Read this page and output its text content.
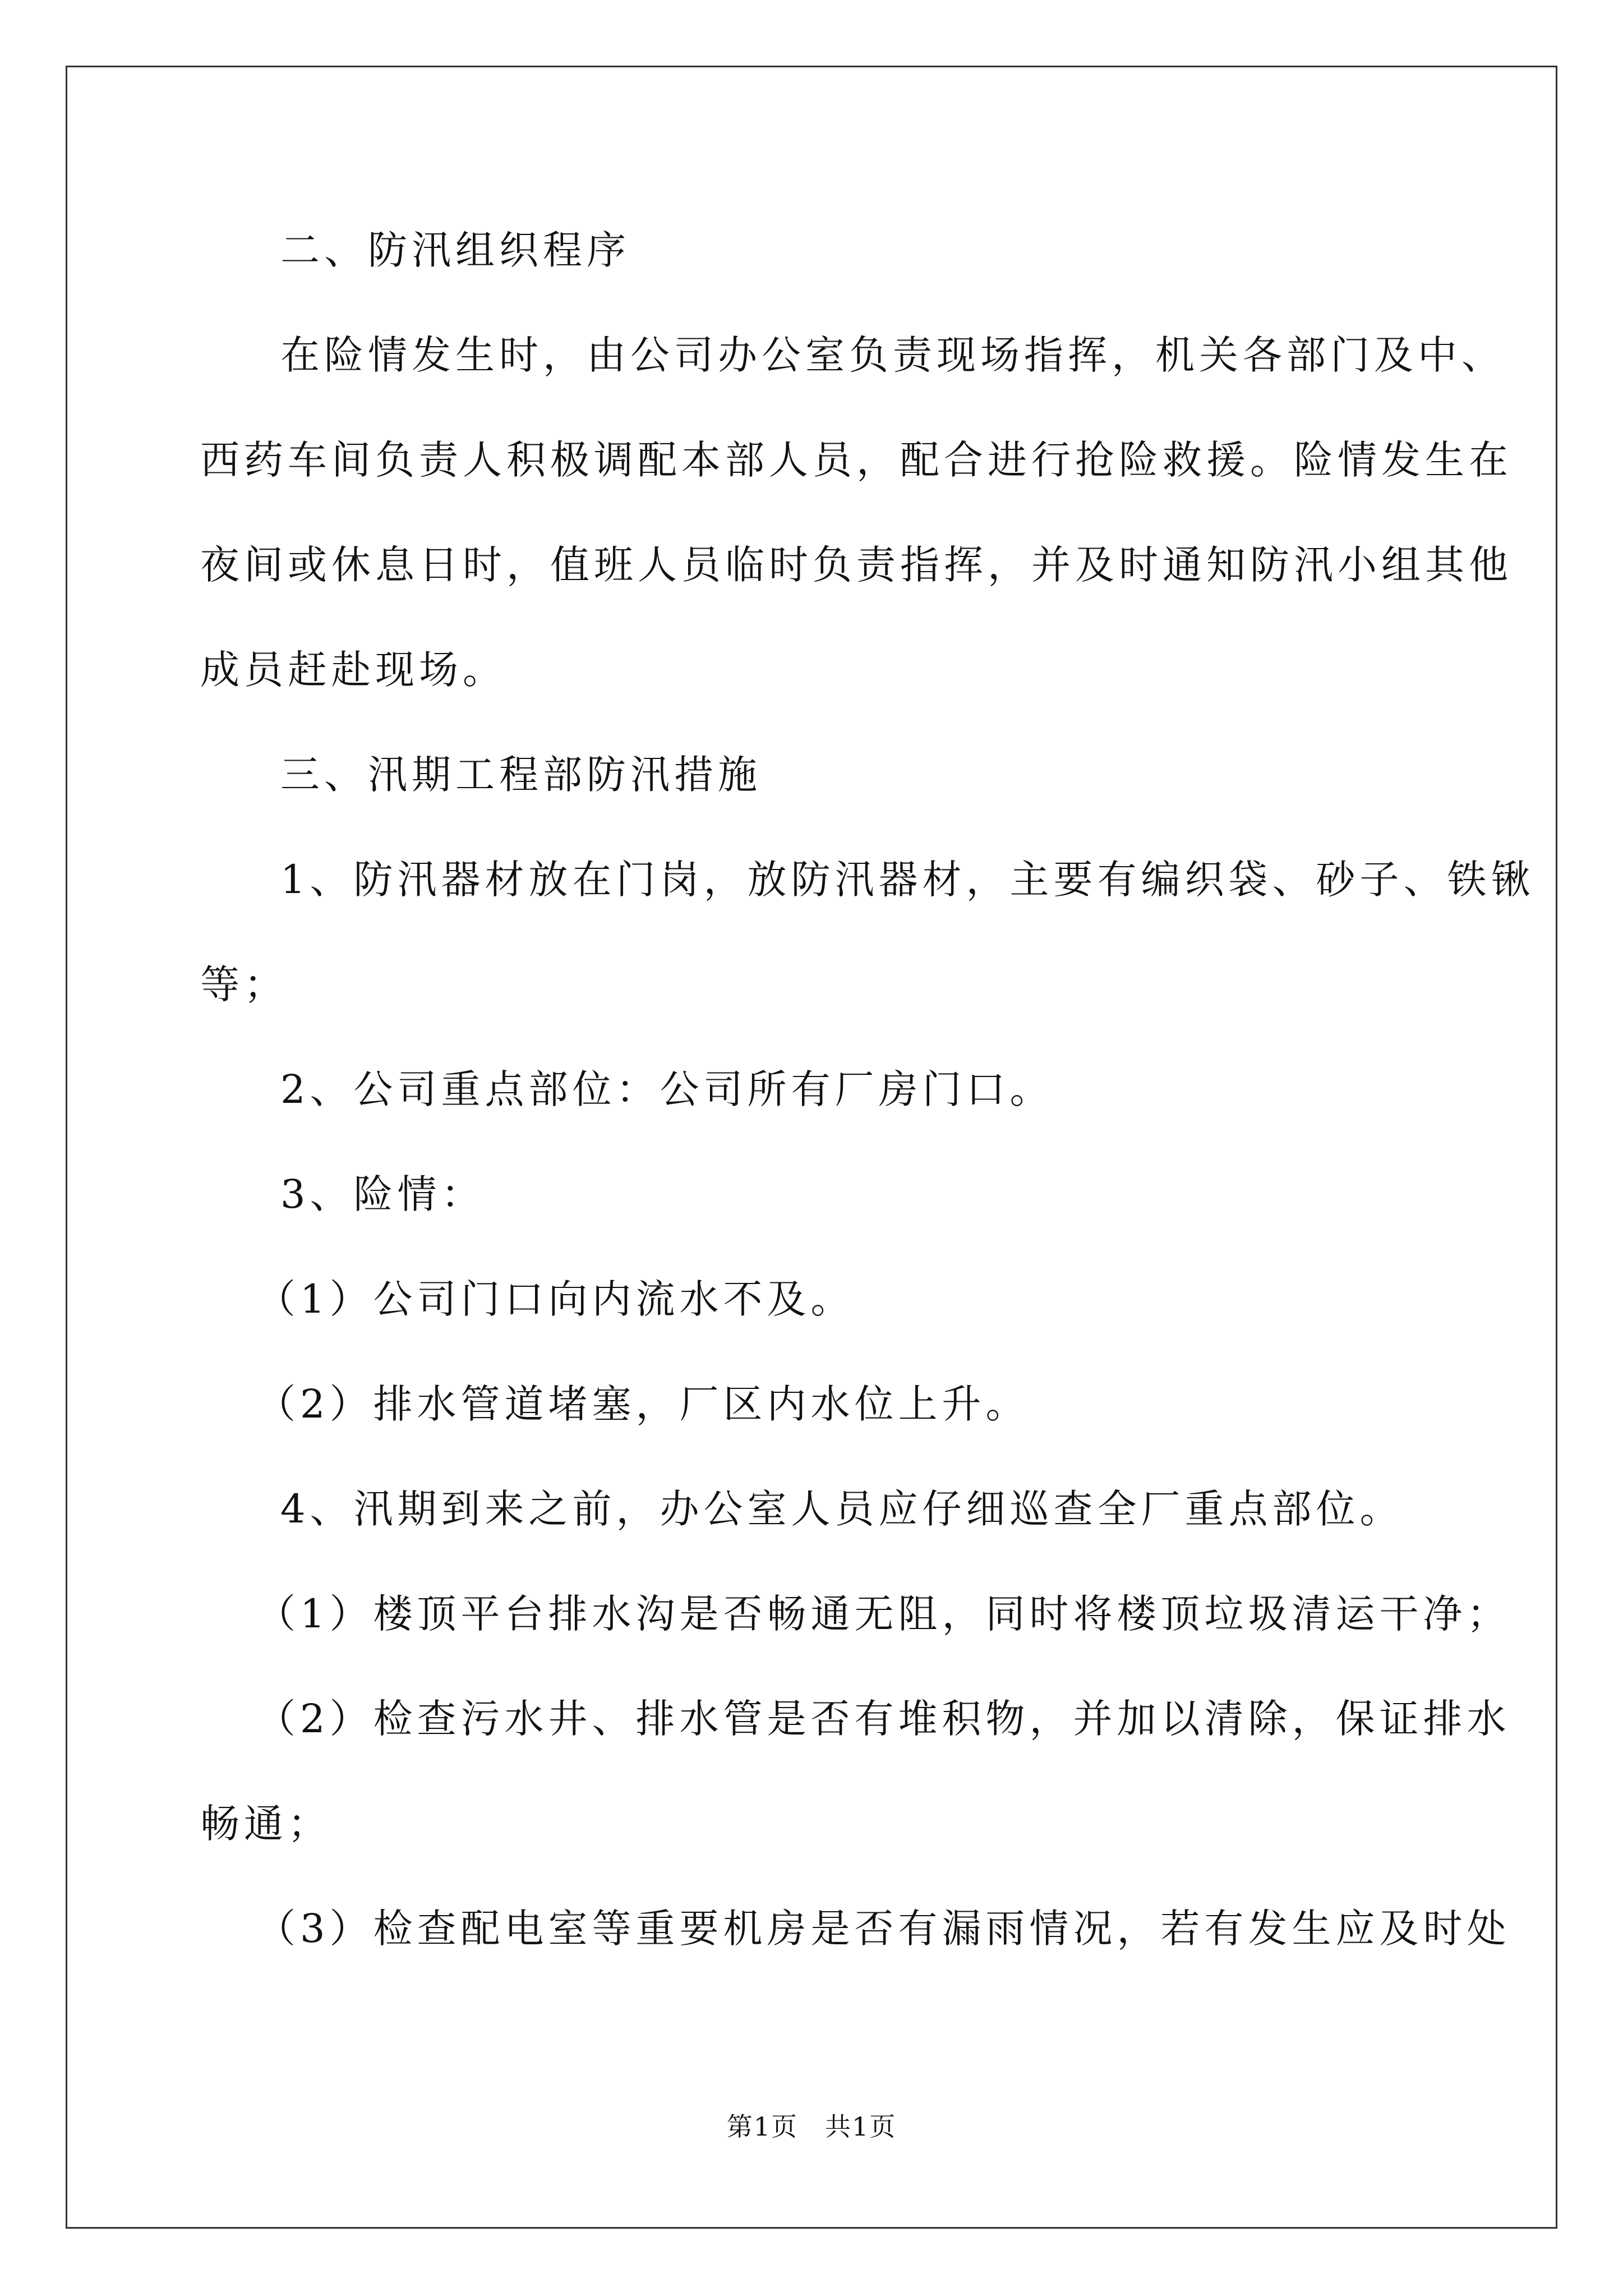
二、防汛组织程序
在险情发生时，由公司办公室负责现场指挥，机关各部门及中、
西药车间负责人积极调配本部人员，配合进行抢险救援。险情发生在
夜间或休息日时，值班人员临时负责指挥，并及时通知防汛小组其他
成员赶赴现场。
三、汛期工程部防汛措施
1、防汛器材放在门岗，放防汛器材，主要有编织袋、砂子、铁锹
等；
2、公司重点部位：公司所有厂房门口。
3、险情：
（1）公司门口向内流水不及。
（2）排水管道堵塞，厂区内水位上升。
4、汛期到来之前，办公室人员应仔细巡查全厂重点部位。
（1）楼顶平台排水沟是否畅通无阻，同时将楼顶垃圾清运干净；
（2）检查污水井、排水管是否有堆积物，并加以清除，保证排水
畅通；
（3）检查配电室等重要机房是否有漏雨情况，若有发生应及时处
第1页　共1页
